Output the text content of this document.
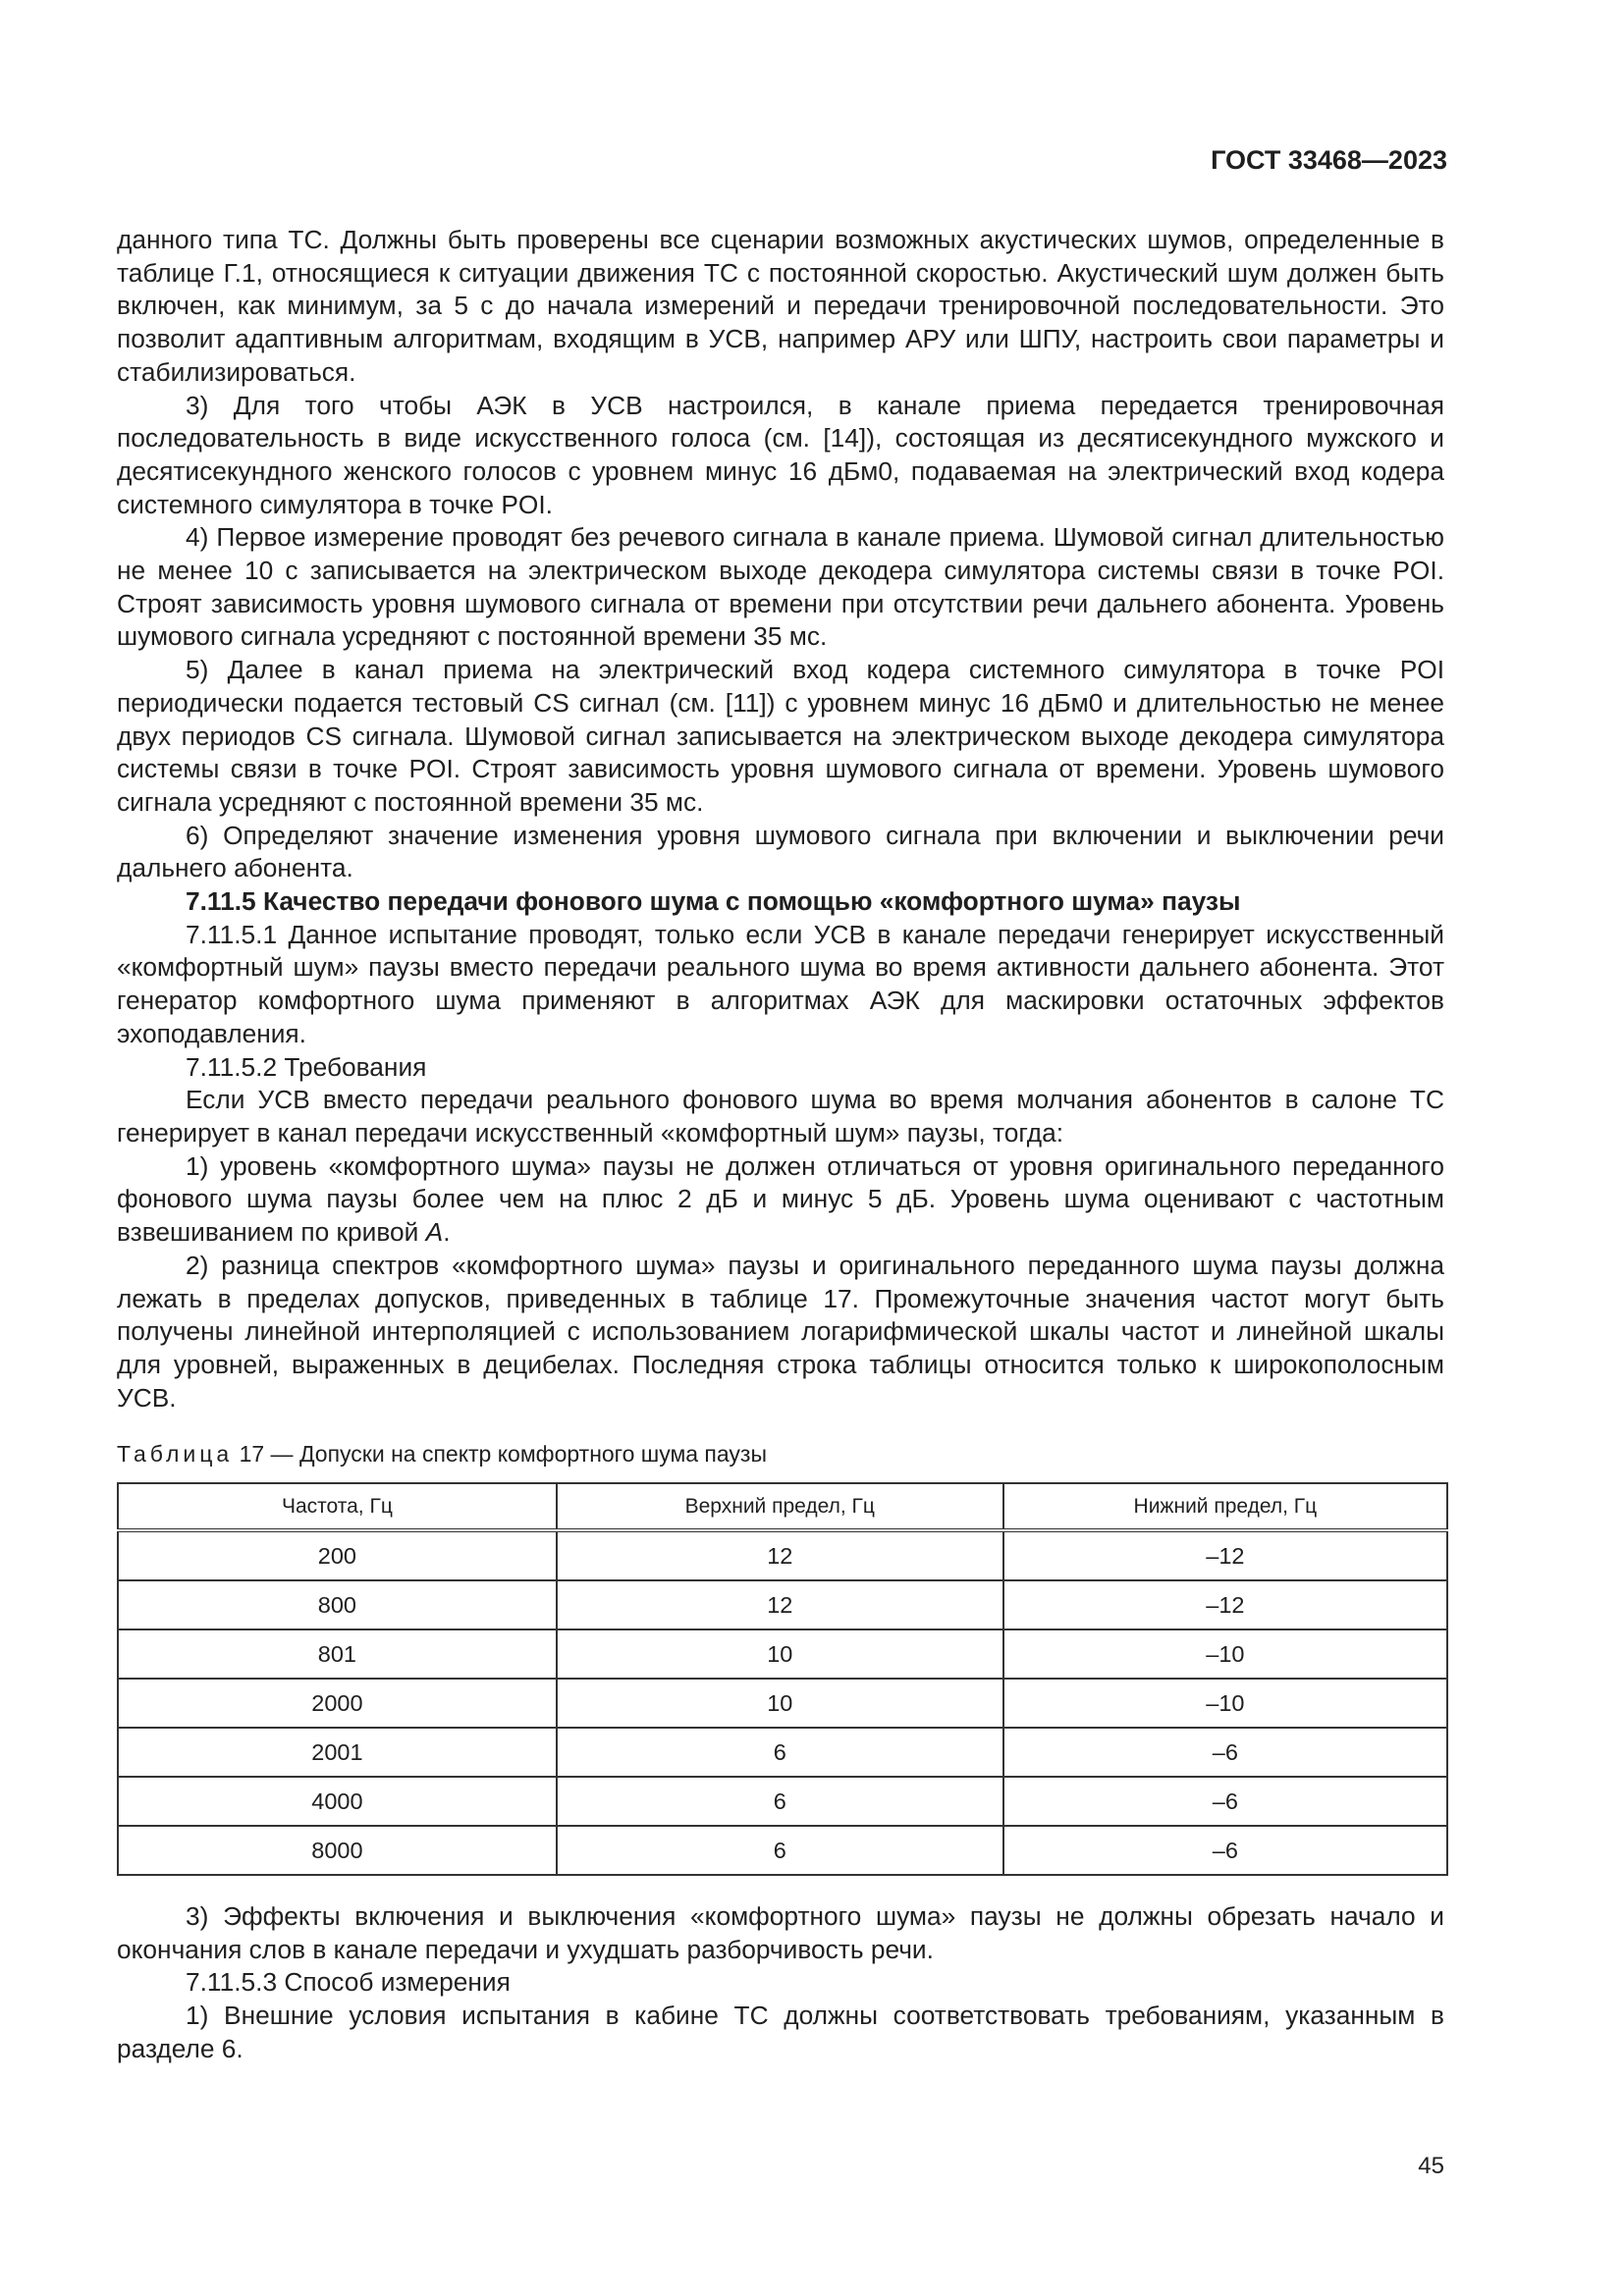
ГОСТ 33468—2023

данного типа ТС. Должны быть проверены все сценарии возможных акустических шумов, определенные в таблице Г.1, относящиеся к ситуации движения ТС с постоянной скоростью. Акустический шум должен быть включен, как минимум, за 5 с до начала измерений и передачи тренировочной последовательности. Это позволит адаптивным алгоритмам, входящим в УСВ, например АРУ или ШПУ, настроить свои параметры и стабилизироваться.

3) Для того чтобы АЭК в УСВ настроился, в канале приема передается тренировочная последовательность в виде искусственного голоса (см. [14]), состоящая из десятисекундного мужского и десятисекундного женского голосов с уровнем минус 16 дБм0, подаваемая на электрический вход кодера системного симулятора в точке POI.

4) Первое измерение проводят без речевого сигнала в канале приема. Шумовой сигнал длительностью не менее 10 с записывается на электрическом выходе декодера симулятора системы связи в точке POI. Строят зависимость уровня шумового сигнала от времени при отсутствии речи дальнего абонента. Уровень шумового сигнала усредняют с постоянной времени 35 мс.

5) Далее в канал приема на электрический вход кодера системного симулятора в точке POI периодически подается тестовый CS сигнал (см. [11]) с уровнем минус 16 дБм0 и длительностью не менее двух периодов CS сигнала. Шумовой сигнал записывается на электрическом выходе декодера симулятора системы связи в точке POI. Строят зависимость уровня шумового сигнала от времени. Уровень шумового сигнала усредняют с постоянной времени 35 мс.

6) Определяют значение изменения уровня шумового сигнала при включении и выключении речи дальнего абонента.

7.11.5 Качество передачи фонового шума с помощью «комфортного шума» паузы

7.11.5.1 Данное испытание проводят, только если УСВ в канале передачи генерирует искусственный «комфортный шум» паузы вместо передачи реального шума во время активности дальнего абонента. Этот генератор комфортного шума применяют в алгоритмах АЭК для маскировки остаточных эффектов эхоподавления.

7.11.5.2 Требования

Если УСВ вместо передачи реального фонового шума во время молчания абонентов в салоне ТС генерирует в канал передачи искусственный «комфортный шум» паузы, тогда:

1) уровень «комфортного шума» паузы не должен отличаться от уровня оригинального переданного фонового шума паузы более чем на плюс 2 дБ и минус 5 дБ. Уровень шума оценивают с частотным взвешиванием по кривой A.

2) разница спектров «комфортного шума» паузы и оригинального переданного шума паузы должна лежать в пределах допусков, приведенных в таблице 17. Промежуточные значения частот могут быть получены линейной интерполяцией с использованием логарифмической шкалы частот и линейной шкалы для уровней, выраженных в децибелах. Последняя строка таблицы относится только к широкополосным УСВ.

Таблица 17 — Допуски на спектр комфортного шума паузы
Частота, Гц	Верхний предел, Гц	Нижний предел, Гц
200	12	–12
800	12	–12
801	10	–10
2000	10	–10
2001	6	–6
4000	6	–6
8000	6	–6

3) Эффекты включения и выключения «комфортного шума» паузы не должны обрезать начало и окончания слов в канале передачи и ухудшать разборчивость речи.

7.11.5.3 Способ измерения

1) Внешние условия испытания в кабине ТС должны соответствовать требованиям, указанным в разделе 6.

45
